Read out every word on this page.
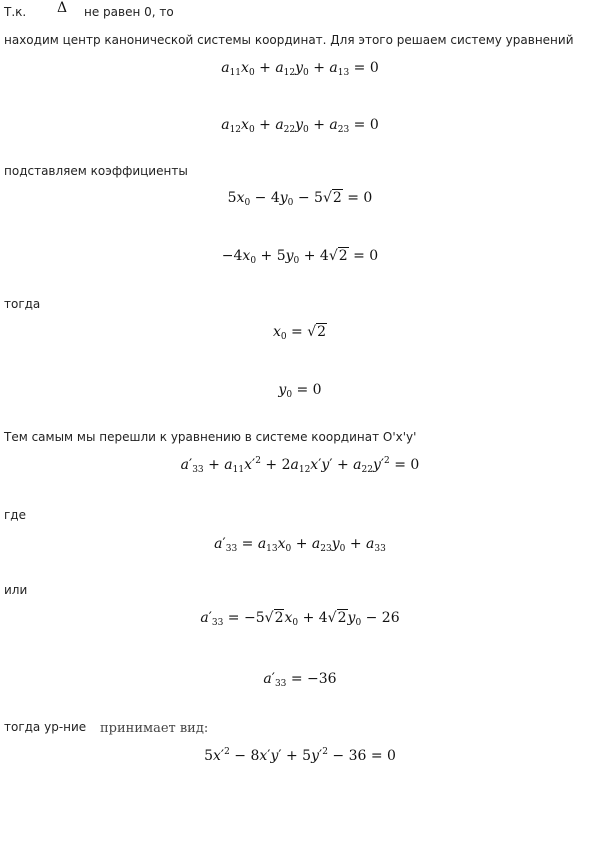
Т.к. Δ не равен 0, то
находим центр канонической системы координат. Для этого решаем систему уравнений
$a_{11}x_0 + a_{12}y_0 + a_{13} = 0$
$a_{12}x_0 + a_{22}y_0 + a_{23} = 0$
подставляем коэффициенты
$5x_0 - 4y_0 - 5√2 = 0$
$-4x_0 + 5y_0 + 4√2 = 0$
тогда
$x_0 = √2$
$y_0 = 0$
Тем самым мы перешли к уравнению в системе координат O'x'y'
$a'_{33} + a_{11}x'^2 + 2a_{12}x'y' + a_{22}y'^2 = 0$
где
$a'_{33} = a_{13}x_0 + a_{23}y_0 + a_{33}$
или
$a'_{33} = -5√2x_0 + 4√2y_0 - 26$
$a'_{33} = -36$
тогда ур-ние принимает вид:
$5x'^2 - 8x'y' + 5y'^2 - 36 = 0$
